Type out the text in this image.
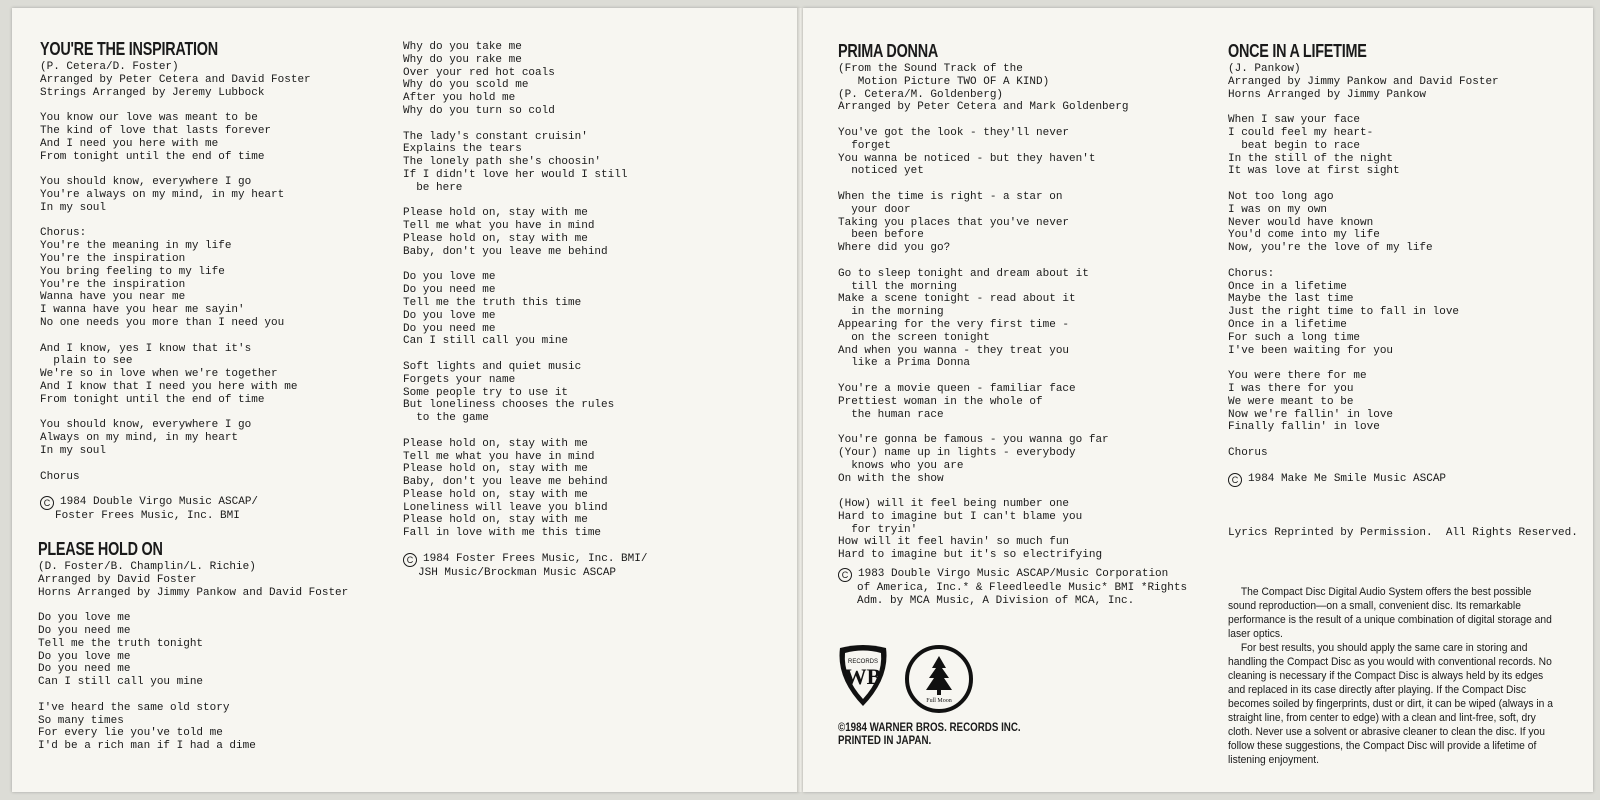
YOU'RE THE INSPIRATION
(P. Cetera/D. Foster)
Arranged by Peter Cetera and David Foster
Strings Arranged by Jeremy Lubbock
You know our love was meant to be
The kind of love that lasts forever
And I need you here with me
From tonight until the end of time
You should know, everywhere I go
You're always on my mind, in my heart
In my soul
Chorus:
You're the meaning in my life
You're the inspiration
You bring feeling to my life
You're the inspiration
Wanna have you near me
I wanna have you hear me sayin'
No one needs you more than I need you
And I know, yes I know that it's
plain to see
We're so in love when we're together
And I know that I need you here with me
From tonight until the end of time
You should know, everywhere I go
Always on my mind, in my heart
In my soul
Chorus
C 1984 Double Virgo Music ASCAP/
Foster Frees Music, Inc. BMI
PLEASE HOLD ON
(D. Foster/B. Champlin/L. Richie)
Arranged by David Foster
Horns Arranged by Jimmy Pankow and David Foster
Do you love me
Do you need me
Tell me the truth tonight
Do you love me
Do you need me
Can I still call you mine
I've heard the same old story
So many times
For every lie you've told me
I'd be a rich man if I had a dime
Why do you take me
Why do you rake me
Over your red hot coals
Why do you scold me
After you hold me
Why do you turn so cold
The lady's constant cruisin'
Explains the tears
The lonely path she's choosin'
If I didn't love her would I still
be here
Please hold on, stay with me
Tell me what you have in mind
Please hold on, stay with me
Baby, don't you leave me behind
Do you love me
Do you need me
Tell me the truth this time
Do you love me
Do you need me
Can I still call you mine
Soft lights and quiet music
Forgets your name
Some people try to use it
But loneliness chooses the rules
to the game
Please hold on, stay with me
Tell me what you have in mind
Please hold on, stay with me
Baby, don't you leave me behind
Please hold on, stay with me
Loneliness will leave you blind
Please hold on, stay with me
Fall in love with me this time
C 1984 Foster Frees Music, Inc. BMI/
JSH Music/Brockman Music ASCAP
PRIMA DONNA
(From the Sound Track of the
Motion Picture TWO OF A KIND)
(P. Cetera/M. Goldenberg)
Arranged by Peter Cetera and Mark Goldenberg
You've got the look - they'll never
forget
You wanna be noticed - but they haven't
noticed yet
When the time is right - a star on
your door
Taking you places that you've never
been before
Where did you go?
Go to sleep tonight and dream about it
till the morning
Make a scene tonight - read about it
in the morning
Appearing for the very first time -
on the screen tonight
And when you wanna - they treat you
like a Prima Donna
You're a movie queen - familiar face
Prettiest woman in the whole of
the human race
You're gonna be famous - you wanna go far
(Your) name up in lights - everybody
knows who you are
On with the show
(How) will it feel being number one
Hard to imagine but I can't blame you
for tryin'
How will it feel havin' so much fun
Hard to imagine but it's so electrifying
C 1983 Double Virgo Music ASCAP/Music Corporation
of America, Inc.* & Fleedleedle Music* BMI *Rights
Adm. by MCA Music, A Division of MCA, Inc.
WB
RECORDS
Full Moon
©1984 WARNER BROS. RECORDS INC.
PRINTED IN JAPAN.
ONCE IN A LIFETIME
(J. Pankow)
Arranged by Jimmy Pankow and David Foster
Horns Arranged by Jimmy Pankow
When I saw your face
I could feel my heart-
beat begin to race
In the still of the night
It was love at first sight
Not too long ago
I was on my own
Never would have known
You'd come into my life
Now, you're the love of my life
Chorus:
Once in a lifetime
Maybe the last time
Just the right time to fall in love
Once in a lifetime
For such a long time
I've been waiting for you
You were there for me
I was there for you
We were meant to be
Now we're fallin' in love
Finally fallin' in love
Chorus
C 1984 Make Me Smile Music ASCAP
Lyrics Reprinted by Permission.  All Rights Reserved.

The Compact Disc Digital Audio System offers the best possible sound reproduction—on a small, convenient disc. Its remarkable performance is the result of a unique combination of digital storage and laser optics.

For best results, you should apply the same care in storing and handling the Compact Disc as you would with conventional records. No cleaning is necessary if the Compact Disc is always held by its edges and replaced in its case directly after playing. If the Compact Disc becomes soiled by fingerprints, dust or dirt, it can be wiped (always in a straight line, from center to edge) with a clean and lint-free, soft, dry cloth. Never use a solvent or abrasive cleaner to clean the disc. If you follow these suggestions, the Compact Disc will provide a lifetime of listening enjoyment.
